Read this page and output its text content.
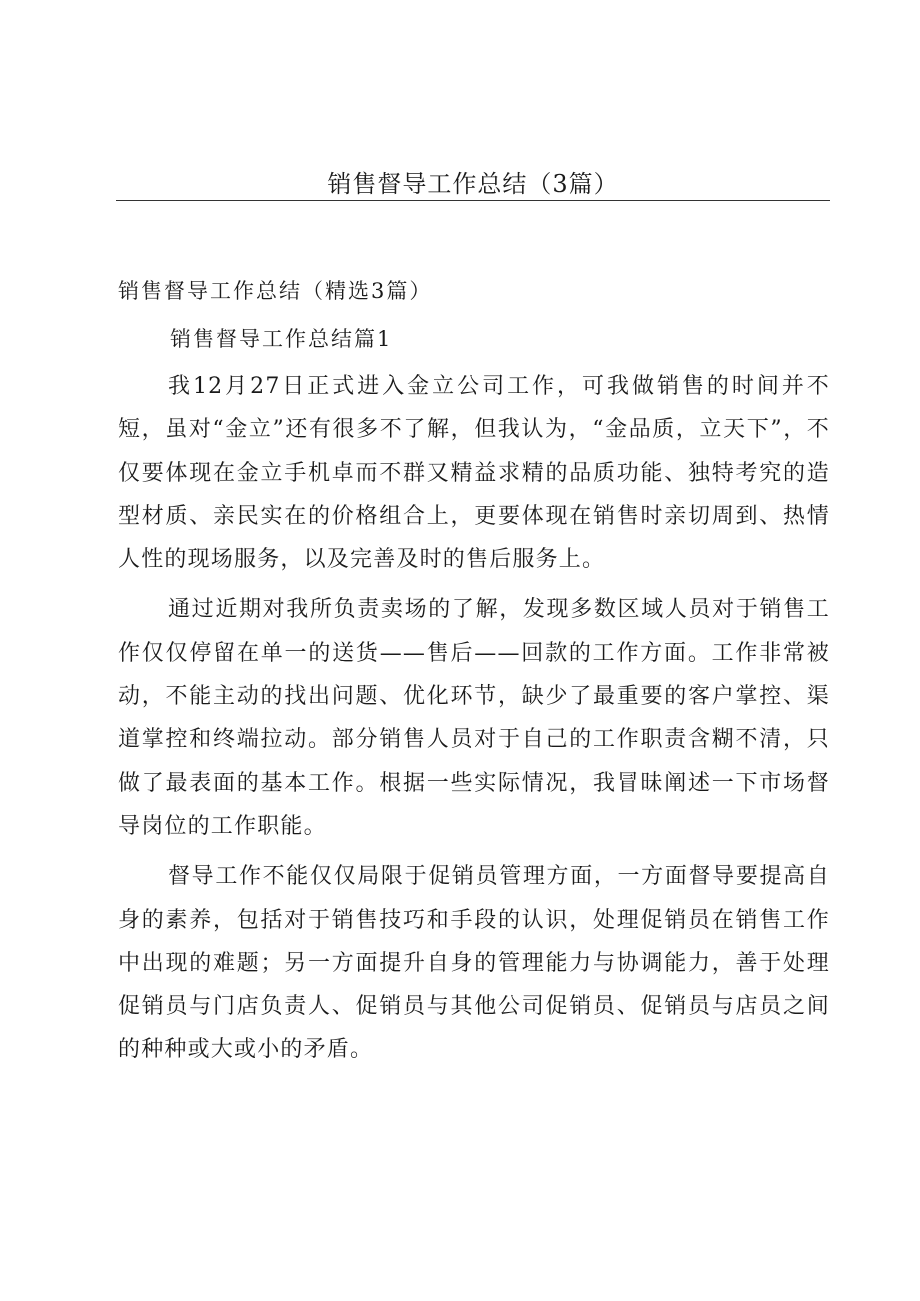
销售督导工作总结（3篇）

销售督导工作总结（精选3篇）

销售督导工作总结篇1

我12月27日正式进入金立公司工作，可我做销售的时间并不短，虽对“金立”还有很多不了解，但我认为，“金品质，立天下”，不仅要体现在金立手机卓而不群又精益求精的品质功能、独特考究的造型材质、亲民实在的价格组合上，更要体现在销售时亲切周到、热情人性的现场服务，以及完善及时的售后服务上。

通过近期对我所负责卖场的了解，发现多数区域人员对于销售工作仅仅停留在单一的送货——售后——回款的工作方面。工作非常被动，不能主动的找出问题、优化环节，缺少了最重要的客户掌控、渠道掌控和终端拉动。部分销售人员对于自己的工作职责含糊不清，只做了最表面的基本工作。根据一些实际情况，我冒昧阐述一下市场督导岗位的工作职能。

督导工作不能仅仅局限于促销员管理方面，一方面督导要提高自身的素养，包括对于销售技巧和手段的认识，处理促销员在销售工作中出现的难题；另一方面提升自身的管理能力与协调能力，善于处理促销员与门店负责人、促销员与其他公司促销员、促销员与店员之间的种种或大或小的矛盾。
